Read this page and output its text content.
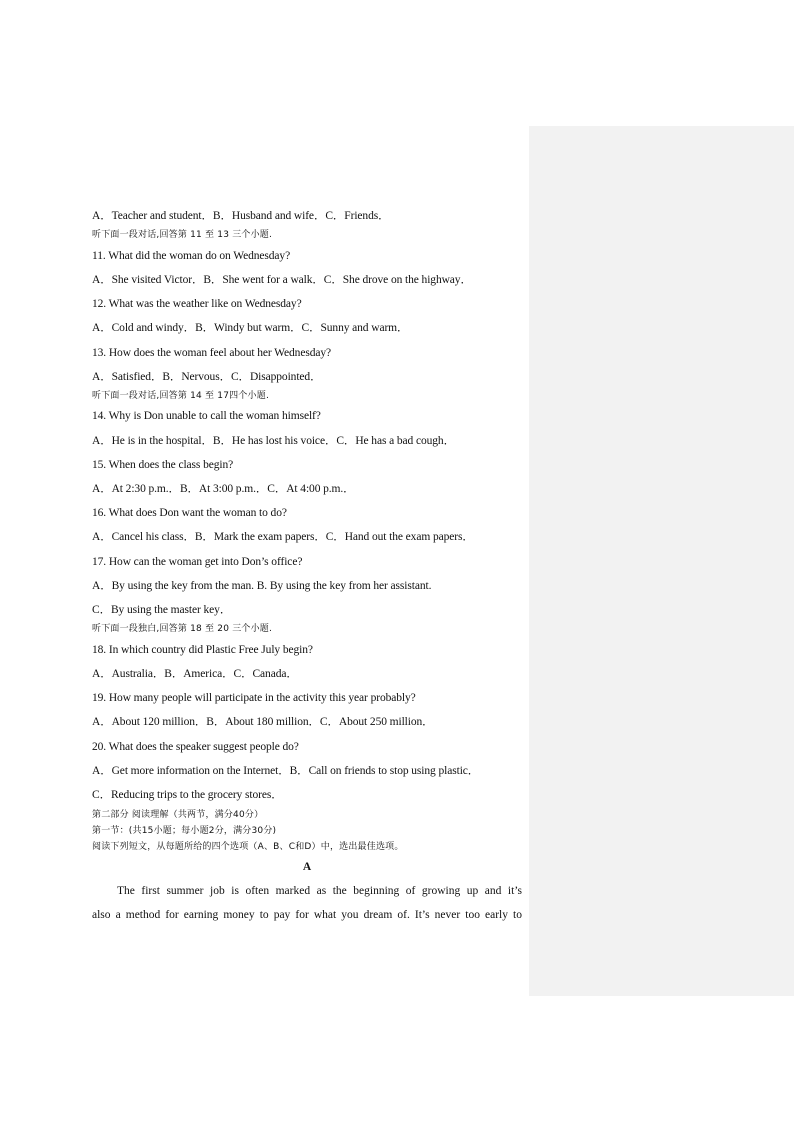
A．Teacher and student．B．Husband and wife．C．Friends．
听下面一段对话,回答第 11 至 13 三个小题.
11. What did the woman do on Wednesday?
A．She visited Victor．B．She went for a walk．C．She drove on the highway．
12. What was the weather like on Wednesday?
A．Cold and windy．B．Windy but warm．C．Sunny and warm．
13. How does the woman feel about her Wednesday?
A．Satisfied．B．Nervous．C．Disappointed．
听下面一段对话,回答第 14 至 17四个小题.
14. Why is Don unable to call the woman himself?
A．He is in the hospital．B．He has lost his voice．C．He has a bad cough．
15. When does the class begin?
A．At 2:30 p.m.．B．At 3:00 p.m.．C．At 4:00 p.m.．
16. What does Don want the woman to do?
A．Cancel his class．B．Mark the exam papers．C．Hand out the exam papers．
17. How can the woman get into Don’s office?
A．By using the key from the man. B. By using the key from her assistant.
C．By using the master key．
听下面一段独白,回答第 18 至 20 三个小题.
18. In which country did Plastic Free July begin?
A．Australia．B．America．C．Canada．
19. How many people will participate in the activity this year probably?
A．About 120 million．B．About 180 million．C．About 250 million．
20. What does the speaker suggest people do?
A．Get more information on the Internet．B．Call on friends to stop using plastic．
C．Reducing trips to the grocery stores．
第二部分 阅读理解（共两节，满分40分）
第一节：(共15小题；每小题2分，满分30分)
阅读下列短文，从每题所给的四个选项（A、B、C和D）中，选出最佳选项。
A
The first summer job is often marked as the beginning of growing up and it’s
also a method for earning money to pay for what you dream of. It’s never too early to
